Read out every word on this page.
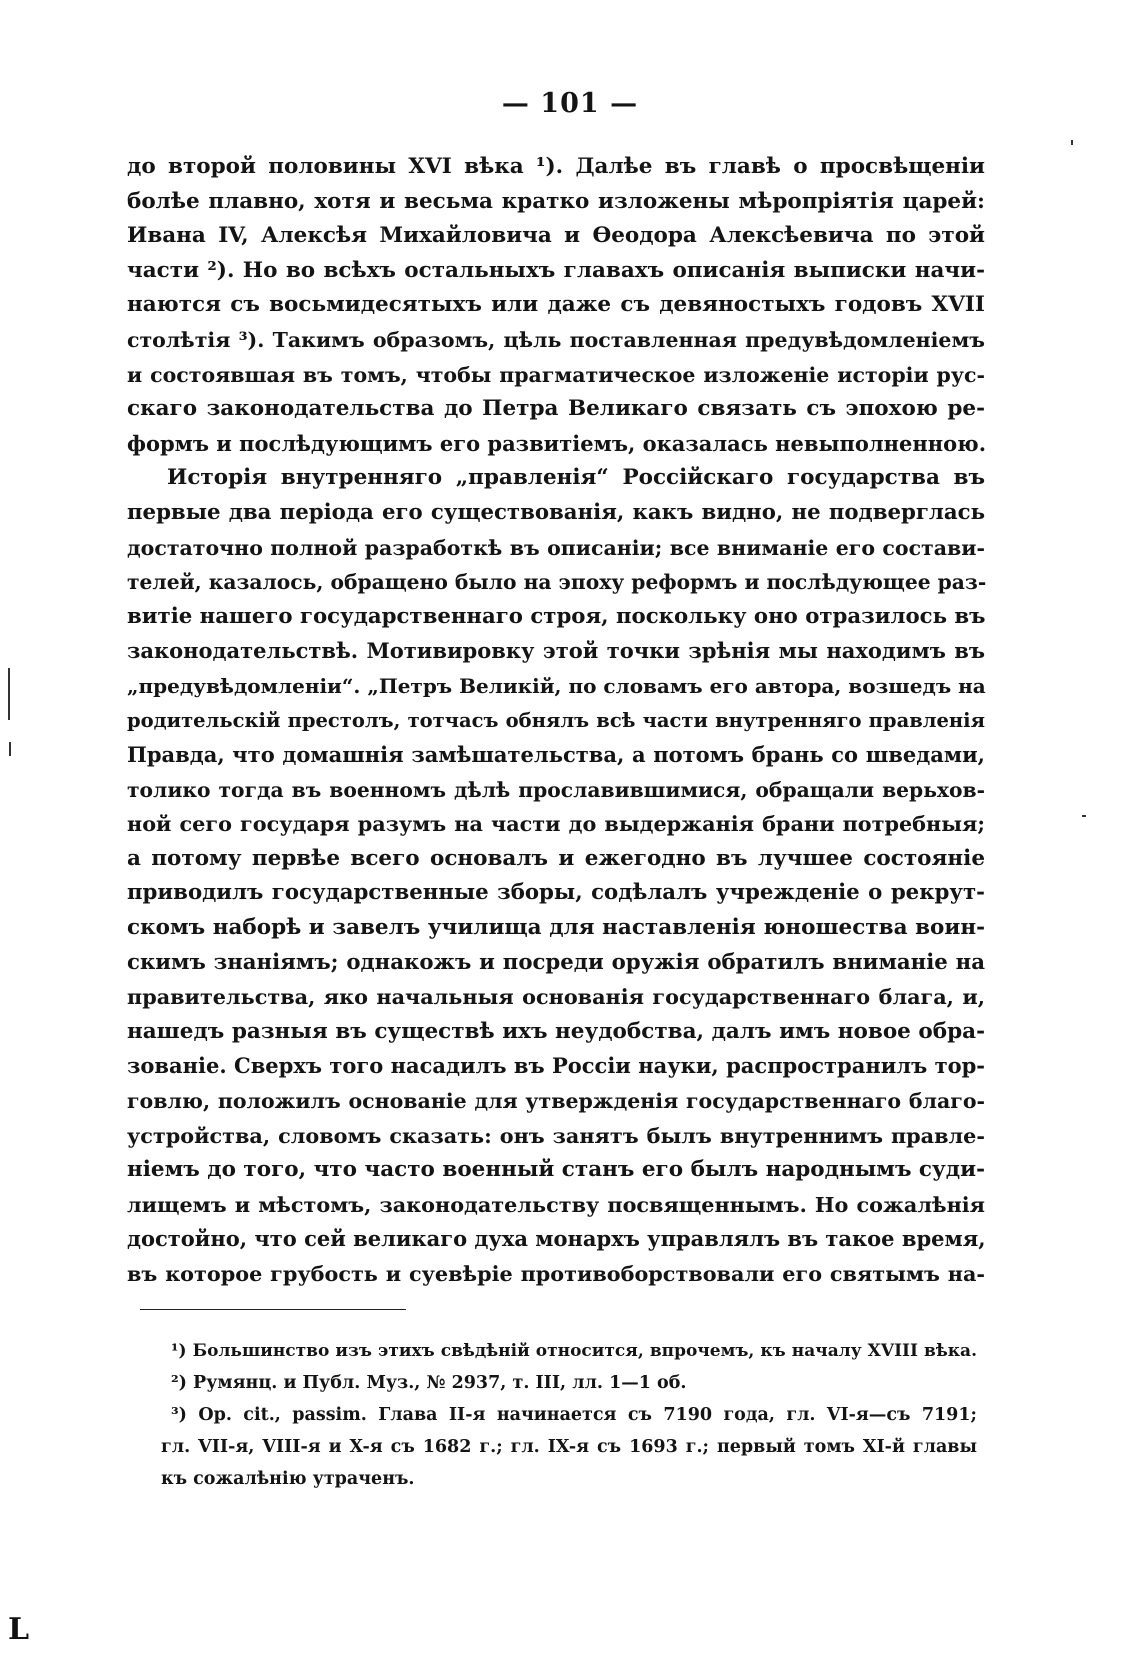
— 101 —
до второй половины XVI вѣка ¹). Далѣе въ главѣ о просвѣщеніи
болѣе плавно, хотя и весьма кратко изложены мѣропріятія царей:
Ивана IV, Алексѣя Михайловича и Ѳеодора Алексѣевича по этой
части ²). Но во всѣхъ остальныхъ главахъ описанія выписки начи-
наются съ восьмидесятыхъ или даже съ девяностыхъ годовъ XVII
столѣтія ³). Такимъ образомъ, цѣль поставленная предувѣдомленіемъ
и состоявшая въ томъ, чтобы прагматическое изложеніе исторіи рус-
скаго законодательства до Петра Великаго связать съ эпохою ре-
формъ и послѣдующимъ его развитіемъ, оказалась невыполненною.
Исторія внутренняго „правленія“ Россійскаго государства въ
первые два періода его существованія, какъ видно, не подверглась
достаточно полной разработкѣ въ описаніи; все вниманіе его состави-
телей, казалось, обращено было на эпоху реформъ и послѣдующее раз-
витіе нашего государственнаго строя, поскольку оно отразилось въ
законодательствѣ. Мотивировку этой точки зрѣнія мы находимъ въ
„предувѣдомленіи“. „Петръ Великій, по словамъ его автора, возшедъ на
родительскій престолъ, тотчасъ обнялъ всѣ части внутренняго правленія
Правда, что домашнія замѣшательства, а потомъ брань со шведами,
толико тогда въ военномъ дѣлѣ прославившимися, обращали верьхов-
ной сего государя разумъ на части до выдержанія брани потребныя;
а потому первѣе всего основалъ и ежегодно въ лучшее состояніе
приводилъ государственные зборы, содѣлалъ учрежденіе о рекрут-
скомъ наборѣ и завелъ училища для наставленія юношества воин-
скимъ знаніямъ; однакожъ и посреди оружія обратилъ вниманіе на
правительства, яко начальныя основанія государственнаго блага, и,
нашедъ разныя въ существѣ ихъ неудобства, далъ имъ новое обра-
зованіе. Сверхъ того насадилъ въ Россіи науки, распространилъ тор-
говлю, положилъ основаніе для утвержденія государственнаго благо-
устройства, словомъ сказать: онъ занятъ былъ внутреннимъ правле-
ніемъ до того, что часто военный станъ его былъ народнымъ суди-
лищемъ и мѣстомъ, законодательству посвященнымъ. Но сожалѣнія
достойно, что сей великаго духа монархъ управлялъ въ такое время,
въ которое грубость и суевѣріе противоборствовали его святымъ на-
¹) Большинство изъ этихъ свѣдѣній относится, впрочемъ, къ началу XVIII вѣка.
²) Румянц. и Публ. Муз., № 2937, т. III, лл. 1—1 об.
³) Op. cit., passim. Глава II-я начинается съ 7190 года, гл. VI-я—съ 7191;
гл. VII-я, VIII-я и X-я съ 1682 г.; гл. IX-я съ 1693 г.; первый томъ XI-й главы
къ сожалѣнію утраченъ.
L
